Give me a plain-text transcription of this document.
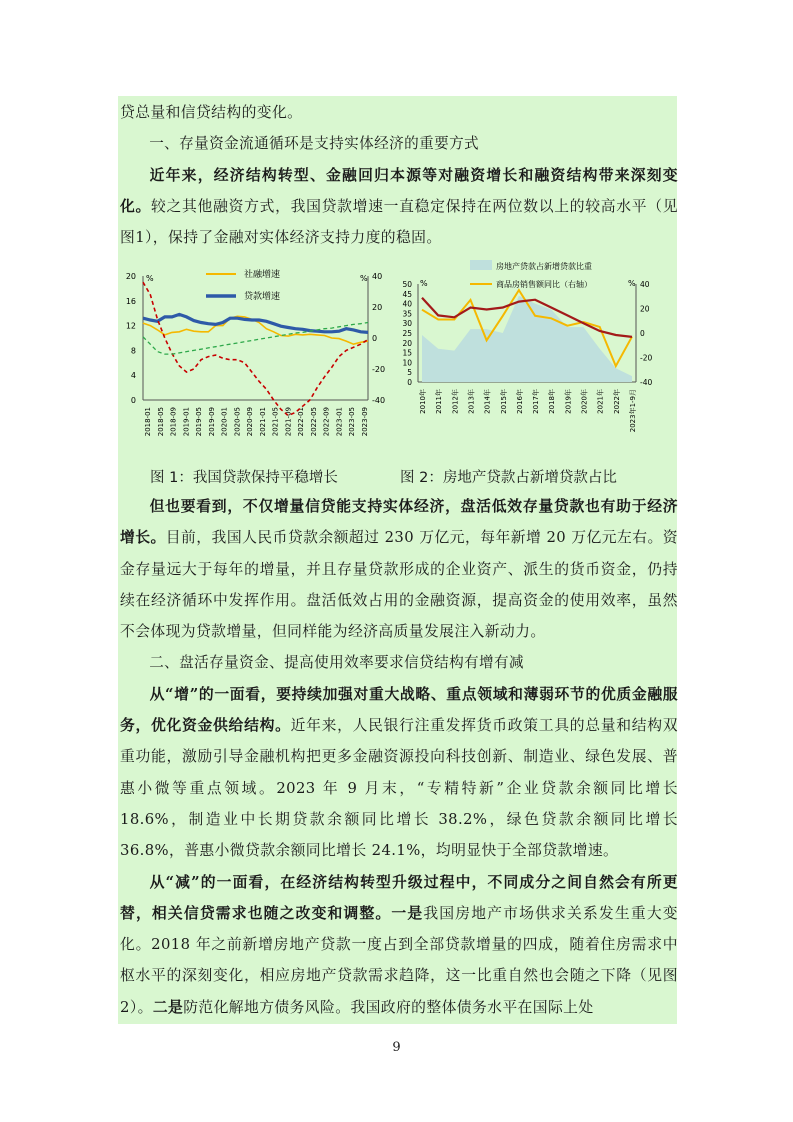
贷总量和信贷结构的变化。

一、存量资金流通循环是支持实体经济的重要方式

近年来，经济结构转型、金融回归本源等对融资增长和融资结构带来深刻变化。较之其他融资方式，我国贷款增速一直稳定保持在两位数以上的较高水平（见图1），保持了金融对实体经济支持力度的稳固。

%	%
20
16
12
8
4
0
40
20
0
-20
-40
2018-01 2018-05 2018-09 2019-01 2019-05 2019-09 2020-01 2020-05 2020-09 2021-01 2021-05 2021-09 2022-01 2022-05 2022-09 2023-01 2023-05 2023-09
社融增速
贷款增速
%	%
50
45
40
35
30
25
20
15
10
5
0
40
20
0
-20
-40
2010年 2011年 2012年 2013年 2014年 2015年 2016年 2017年 2018年 2019年 2020年 2021年 2022年 2023年1-9月
房地产贷款占新增贷款比重
商品房销售额同比（右轴）
图 1：我国贷款保持平稳增长	图 2：房地产贷款占新增贷款占比

但也要看到，不仅增量信贷能支持实体经济，盘活低效存量贷款也有助于经济增长。目前，我国人民币贷款余额超过 230 万亿元，每年新增 20 万亿元左右。资金存量远大于每年的增量，并且存量贷款形成的企业资产、派生的货币资金，仍持续在经济循环中发挥作用。盘活低效占用的金融资源，提高资金的使用效率，虽然不会体现为贷款增量，但同样能为经济高质量发展注入新动力。

二、盘活存量资金、提高使用效率要求信贷结构有增有减

从“增”的一面看，要持续加强对重大战略、重点领域和薄弱环节的优质金融服务，优化资金供给结构。近年来，人民银行注重发挥货币政策工具的总量和结构双重功能，激励引导金融机构把更多金融资源投向科技创新、制造业、绿色发展、普惠小微等重点领域。2023 年 9 月末，“专精特新”企业贷款余额同比增长 18.6%，制造业中长期贷款余额同比增长 38.2%，绿色贷款余额同比增长 36.8%，普惠小微贷款余额同比增长 24.1%，均明显快于全部贷款增速。

从“减”的一面看，在经济结构转型升级过程中，不同成分之间自然会有所更替，相关信贷需求也随之改变和调整。一是我国房地产市场供求关系发生重大变化。2018 年之前新增房地产贷款一度占到全部贷款增量的四成，随着住房需求中枢水平的深刻变化，相应房地产贷款需求趋降，这一比重自然也会随之下降（见图2）。二是防范化解地方债务风险。我国政府的整体债务水平在国际上处

9
